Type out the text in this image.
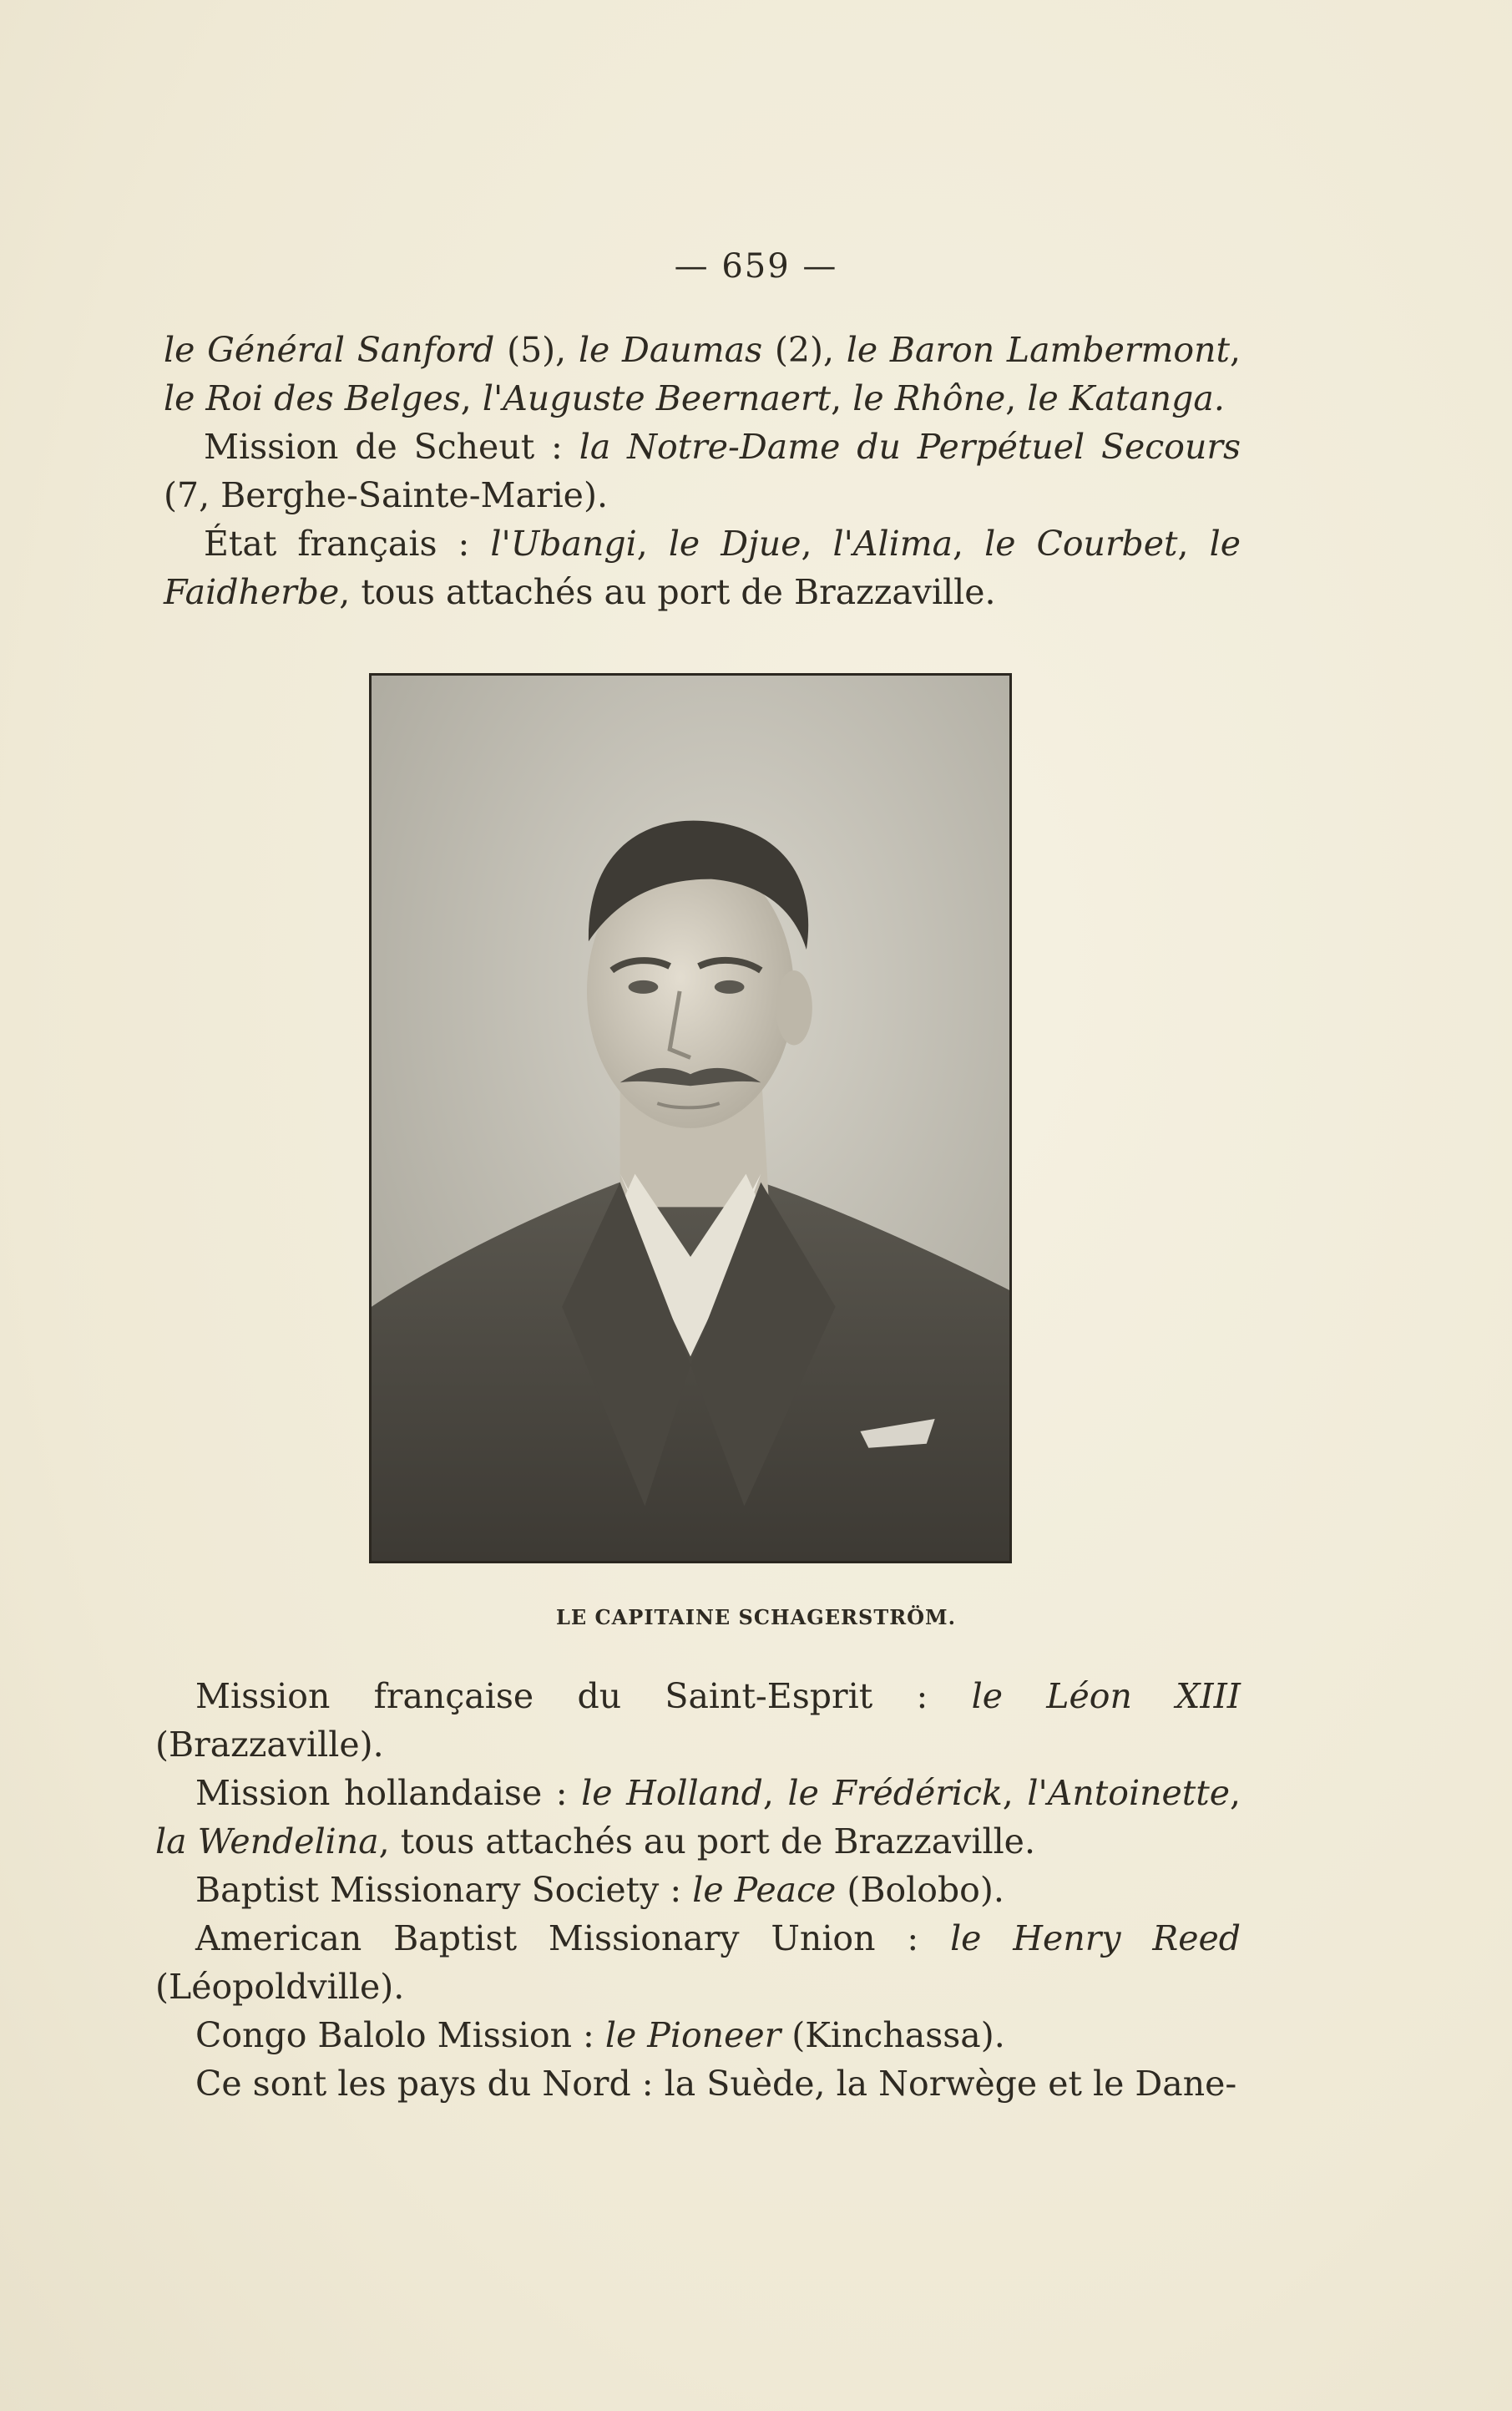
— 659 —

le Général Sanford (5), le Daumas (2), le Baron Lambermont, le Roi des Belges, l'Auguste Beernaert, le Rhône, le Katanga.

Mission de Scheut : la Notre-Dame du Perpétuel Secours (7, Berghe-Sainte-Marie).

État français : l'Ubangi, le Djue, l'Alima, le Courbet, le Faidherbe, tous attachés au port de Brazzaville.

LE CAPITAINE SCHAGERSTRÖM.

Mission française du Saint-Esprit : le Léon XIII (Brazzaville).

Mission hollandaise : le Holland, le Frédérick, l'Antoinette, la Wendelina, tous attachés au port de Brazzaville.

Baptist Missionary Society : le Peace (Bolobo).

American Baptist Missionary Union : le Henry Reed (Léopoldville).

Congo Balolo Mission : le Pioneer (Kinchassa).

Ce sont les pays du Nord : la Suède, la Norwège et le Dane-
